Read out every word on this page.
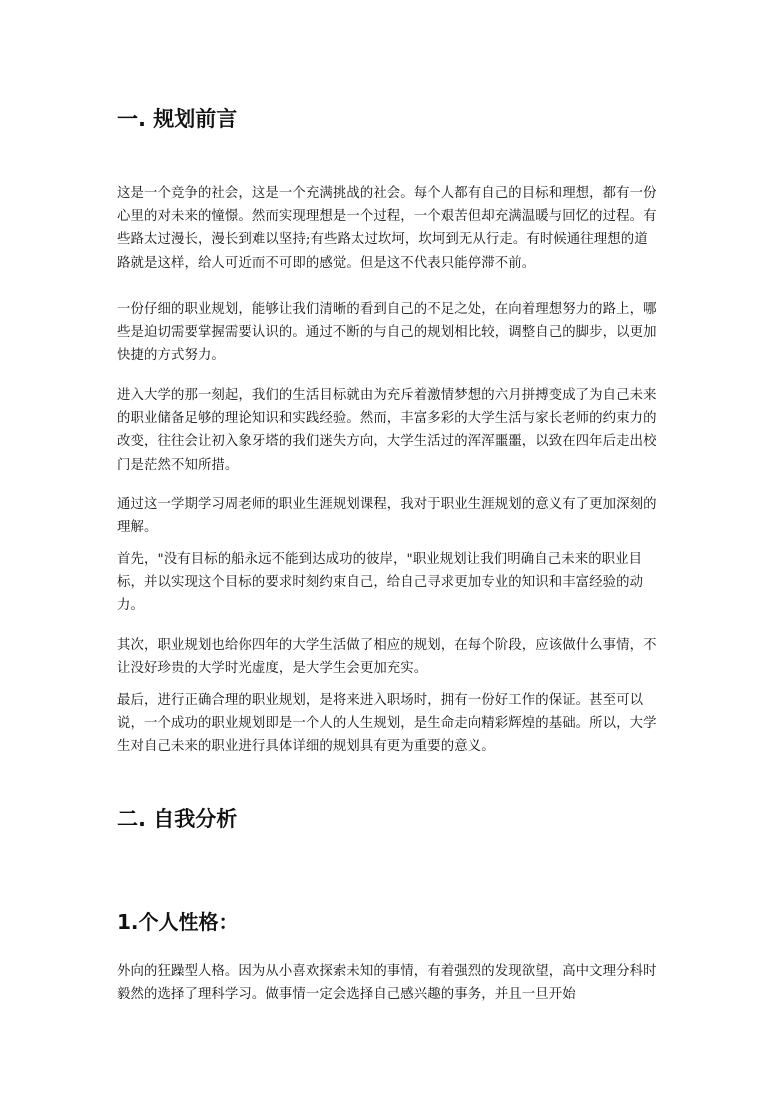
一. 规划前言

这是一个竞争的社会，这是一个充满挑战的社会。每个人都有自己的目标和理想，都有一份心里的对未来的憧憬。然而实现理想是一个过程，一个艰苦但却充满温暖与回忆的过程。有些路太过漫长，漫长到难以坚持;有些路太过坎坷，坎坷到无从行走。有时候通往理想的道路就是这样，给人可近而不可即的感觉。但是这不代表只能停滞不前。

一份仔细的职业规划，能够让我们清晰的看到自己的不足之处，在向着理想努力的路上，哪些是迫切需要掌握需要认识的。通过不断的与自己的规划相比较，调整自己的脚步，以更加快捷的方式努力。

进入大学的那一刻起，我们的生活目标就由为充斥着激情梦想的六月拼搏变成了为自己未来的职业储备足够的理论知识和实践经验。然而，丰富多彩的大学生活与家长老师的约束力的改变，往往会让初入象牙塔的我们迷失方向，大学生活过的浑浑噩噩，以致在四年后走出校门是茫然不知所措。

通过这一学期学习周老师的职业生涯规划课程，我对于职业生涯规划的意义有了更加深刻的理解。

首先，"没有目标的船永远不能到达成功的彼岸，"职业规划让我们明确自己未来的职业目标，并以实现这个目标的要求时刻约束自己，给自己寻求更加专业的知识和丰富经验的动力。

其次，职业规划也给你四年的大学生活做了相应的规划，在每个阶段，应该做什么事情，不让没好珍贵的大学时光虚度，是大学生会更加充实。

最后，进行正确合理的职业规划，是将来进入职场时，拥有一份好工作的保证。甚至可以说，一个成功的职业规划即是一个人的人生规划，是生命走向精彩辉煌的基础。所以，大学生对自己未来的职业进行具体详细的规划具有更为重要的意义。

二. 自我分析
1.个人性格：

外向的狂躁型人格。因为从小喜欢探索未知的事情，有着强烈的发现欲望，高中文理分科时毅然的选择了理科学习。做事情一定会选择自己感兴趣的事务，并且一旦开始
